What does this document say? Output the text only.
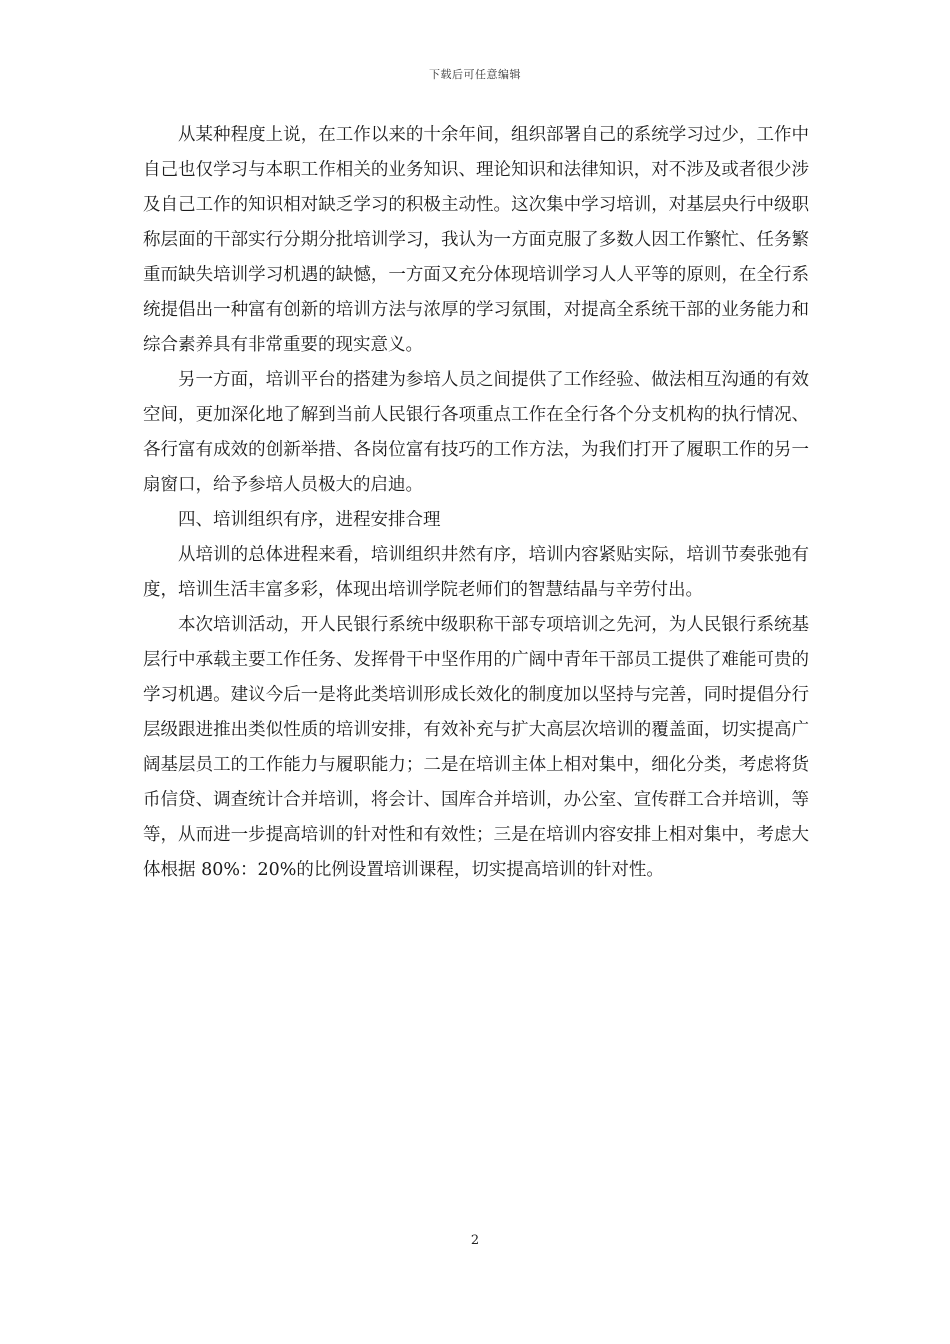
下载后可任意编辑

从某种程度上说，在工作以来的十余年间，组织部署自己的系统学习过少，工作中自己也仅学习与本职工作相关的业务知识、理论知识和法律知识，对不涉及或者很少涉及自己工作的知识相对缺乏学习的积极主动性。这次集中学习培训，对基层央行中级职称层面的干部实行分期分批培训学习，我认为一方面克服了多数人因工作繁忙、任务繁重而缺失培训学习机遇的缺憾，一方面又充分体现培训学习人人平等的原则，在全行系统提倡出一种富有创新的培训方法与浓厚的学习氛围，对提高全系统干部的业务能力和综合素养具有非常重要的现实意义。

另一方面，培训平台的搭建为参培人员之间提供了工作经验、做法相互沟通的有效空间，更加深化地了解到当前人民银行各项重点工作在全行各个分支机构的执行情况、各行富有成效的创新举措、各岗位富有技巧的工作方法，为我们打开了履职工作的另一扇窗口，给予参培人员极大的启迪。

四、培训组织有序，进程安排合理

从培训的总体进程来看，培训组织井然有序，培训内容紧贴实际，培训节奏张弛有度，培训生活丰富多彩，体现出培训学院老师们的智慧结晶与辛劳付出。

本次培训活动，开人民银行系统中级职称干部专项培训之先河，为人民银行系统基层行中承载主要工作任务、发挥骨干中坚作用的广阔中青年干部员工提供了难能可贵的学习机遇。建议今后一是将此类培训形成长效化的制度加以坚持与完善，同时提倡分行层级跟进推出类似性质的培训安排，有效补充与扩大高层次培训的覆盖面，切实提高广阔基层员工的工作能力与履职能力；二是在培训主体上相对集中，细化分类，考虑将货币信贷、调查统计合并培训，将会计、国库合并培训，办公室、宣传群工合并培训，等等，从而进一步提高培训的针对性和有效性；三是在培训内容安排上相对集中，考虑大体根据 80%：20%的比例设置培训课程，切实提高培训的针对性。

2
